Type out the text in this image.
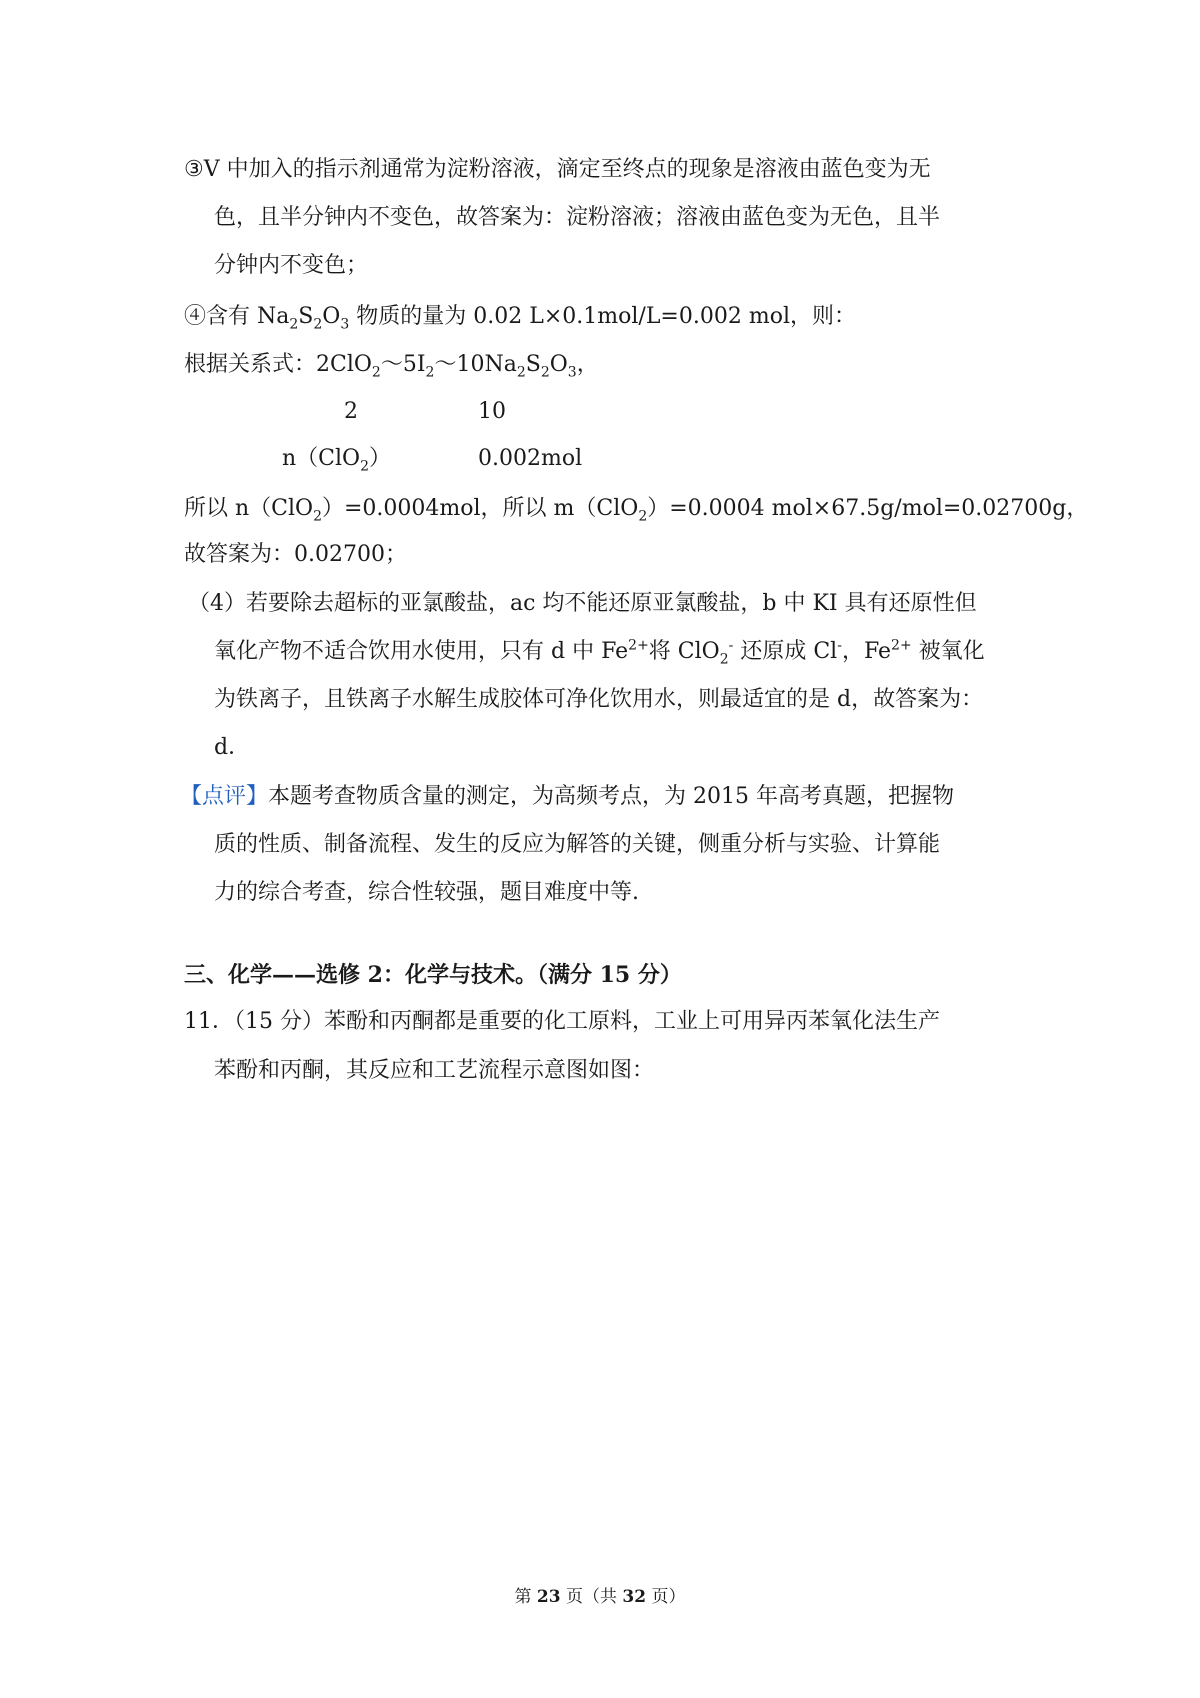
③V 中加入的指示剂通常为淀粉溶液，滴定至终点的现象是溶液由蓝色变为无
色，且半分钟内不变色，故答案为：淀粉溶液；溶液由蓝色变为无色，且半
分钟内不变色；
④含有 $Na_2S_2O_3$ 物质的量为 0.02 L×0.1mol/L=0.002 mol，则：
根据关系式：$2ClO_2\sim 5I_2\sim 10Na_2S_2O_3$，
2	10
n（ClO$_2$）	0.002mol
所以 n（ClO$_2$）=0.0004mol，所以 m（ClO$_2$）=0.0004 mol×67.5g/mol=0.02700g，
故答案为：0.02700；
（4）若要除去超标的亚氯酸盐，ac 均不能还原亚氯酸盐，b 中 KI 具有还原性但
氧化产物不适合饮用水使用，只有 d 中 $Fe^{2+}$将 ClO$_2$- 还原成 Cl-，$Fe^{2+}$ 被氧化
为铁离子，且铁离子水解生成胶体可净化饮用水，则最适宜的是 d，故答案为：
d．
【点评】本题考查物质含量的测定，为高频考点，为 2015 年高考真题，把握物
质的性质、制备流程、发生的反应为解答的关键，侧重分析与实验、计算能
力的综合考查，综合性较强，题目难度中等.
三、化学——选修 2：化学与技术。（满分 15 分）
11．（15 分）苯酚和丙酮都是重要的化工原料，工业上可用异丙苯氧化法生产
苯酚和丙酮，其反应和工艺流程示意图如图：
第 23 页（共 32 页）
